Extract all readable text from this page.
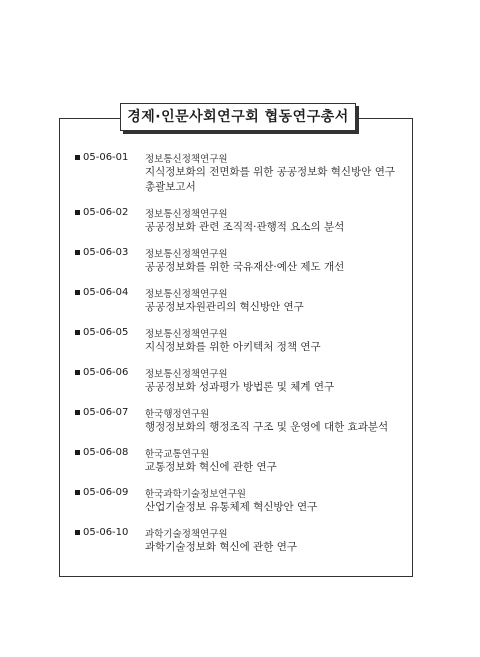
경제·인문사회연구회 협동연구총서
05-06-01	정보통신정책연구원
지식정보화의 전면화를 위한 공공정보화 혁신방안 연구
총괄보고서
05-06-02	정보통신정책연구원
공공정보화 관련 조직적·관행적 요소의 분석
05-06-03	정보통신정책연구원
공공정보화를 위한 국유재산·예산 제도 개선
05-06-04	정보통신정책연구원
공공정보자원관리의 혁신방안 연구
05-06-05	정보통신정책연구원
지식정보화를 위한 아키텍처 정책 연구
05-06-06	정보통신정책연구원
공공정보화 성과평가 방법론 및 체계 연구
05-06-07	한국행정연구원
행정정보화의 행정조직 구조 및 운영에 대한 효과분석
05-06-08	한국교통연구원
교통정보화 혁신에 관한 연구
05-06-09	한국과학기술정보연구원
산업기술정보 유통체제 혁신방안 연구
05-06-10	과학기술정책연구원
과학기술정보화 혁신에 관한 연구
